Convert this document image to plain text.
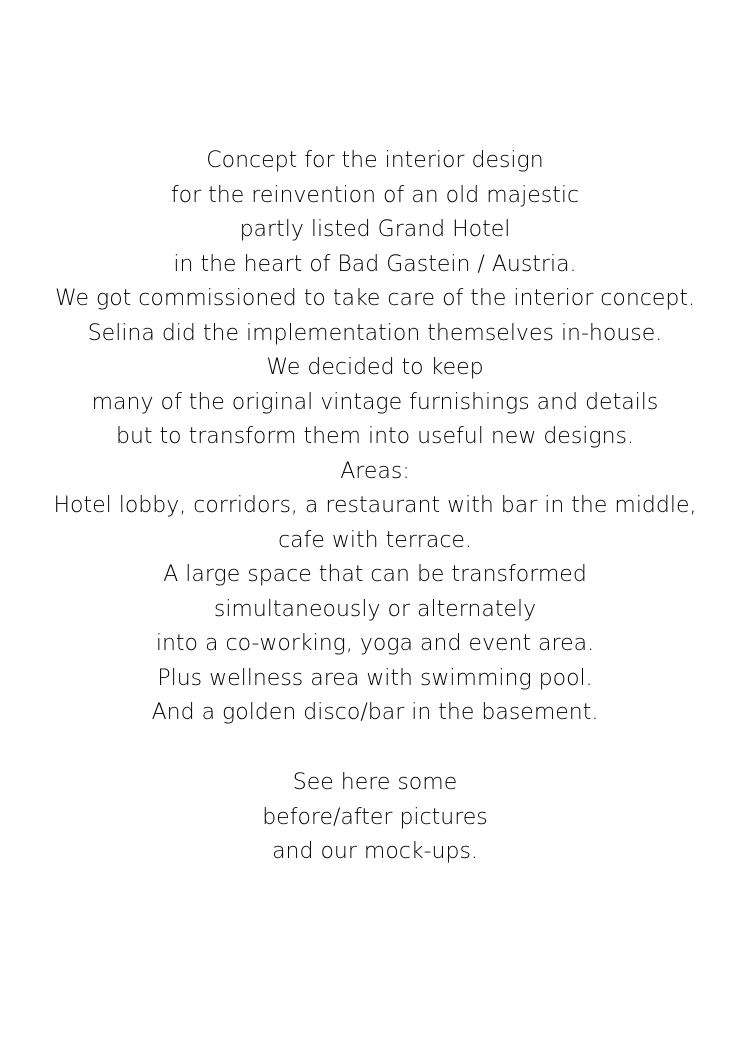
Concept for the interior design
for the reinvention of an old majestic
partly listed Grand Hotel
in the heart of Bad Gastein / Austria.
We got commissioned to take care of the interior concept.
Selina did the implementation themselves in-house.
We decided to keep
many of the original vintage furnishings and details
but to transform them into useful new designs.
Areas:
Hotel lobby, corridors, a restaurant with bar in the middle,
cafe with terrace.
A large space that can be transformed
simultaneously or alternately
into a co-working, yoga and event area.
Plus wellness area with swimming pool.
And a golden disco/bar in the basement.
See here some
before/after pictures
and our mock-ups.
